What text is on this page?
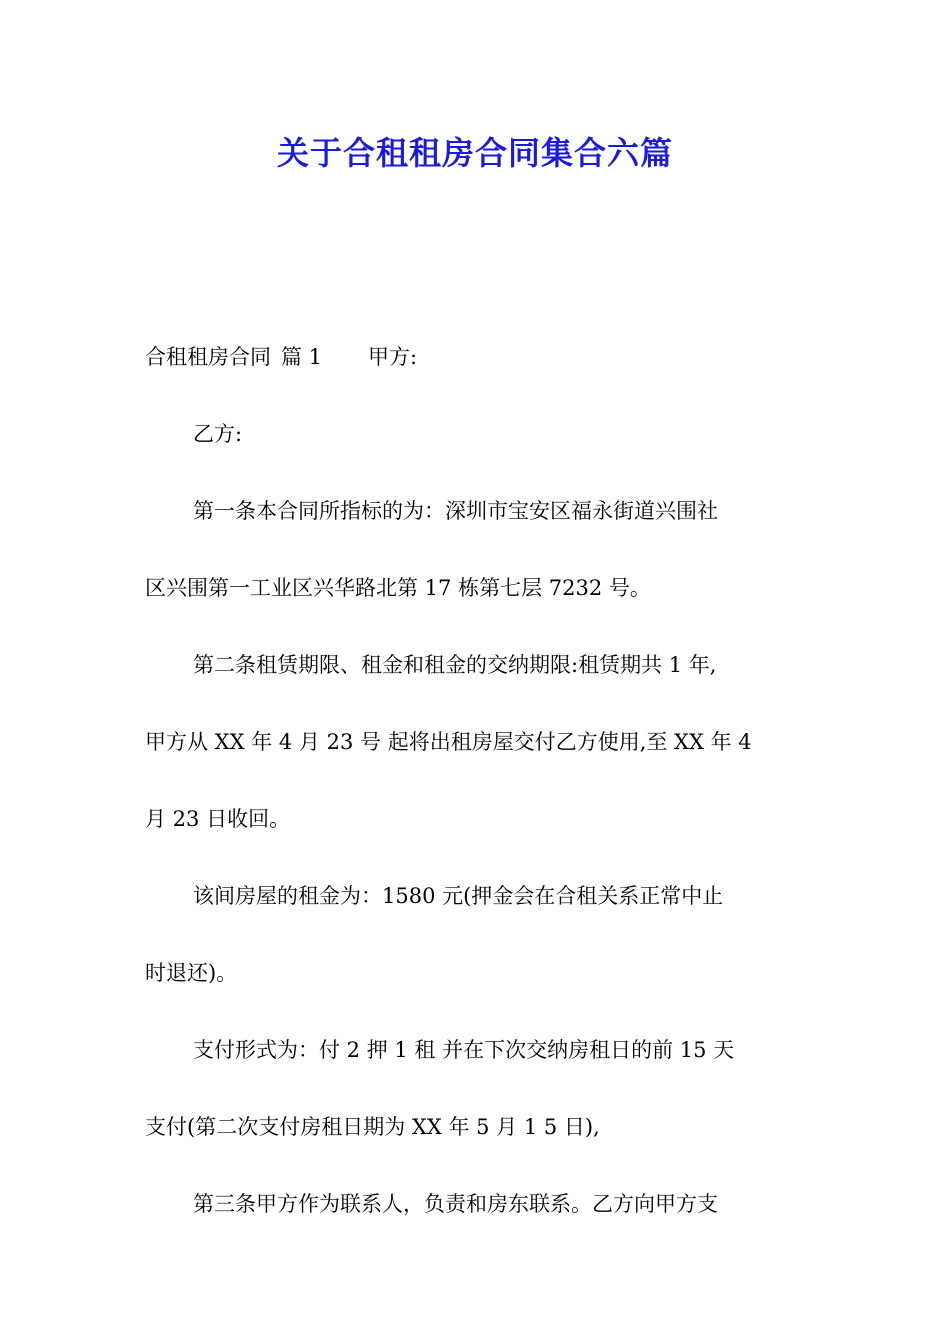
关于合租租房合同集合六篇
合租租房合同 篇 1 甲方:
乙方:
第一条本合同所指标的为：深圳市宝安区福永街道兴围社
区兴围第一工业区兴华路北第 17 栋第七层 7232 号。
第二条租赁期限、租金和租金的交纳期限:租赁期共 1 年,
甲方从 XX 年 4 月 23 号 起将出租房屋交付乙方使用,至 XX 年 4
月 23 日收回。
该间房屋的租金为：1580 元(押金会在合租关系正常中止
时退还)。
支付形式为：付 2 押 1 租 并在下次交纳房租日的前 15 天
支付(第二次支付房租日期为 XX 年 5 月 1 5 日),
第三条甲方作为联系人，负责和房东联系。乙方向甲方支
